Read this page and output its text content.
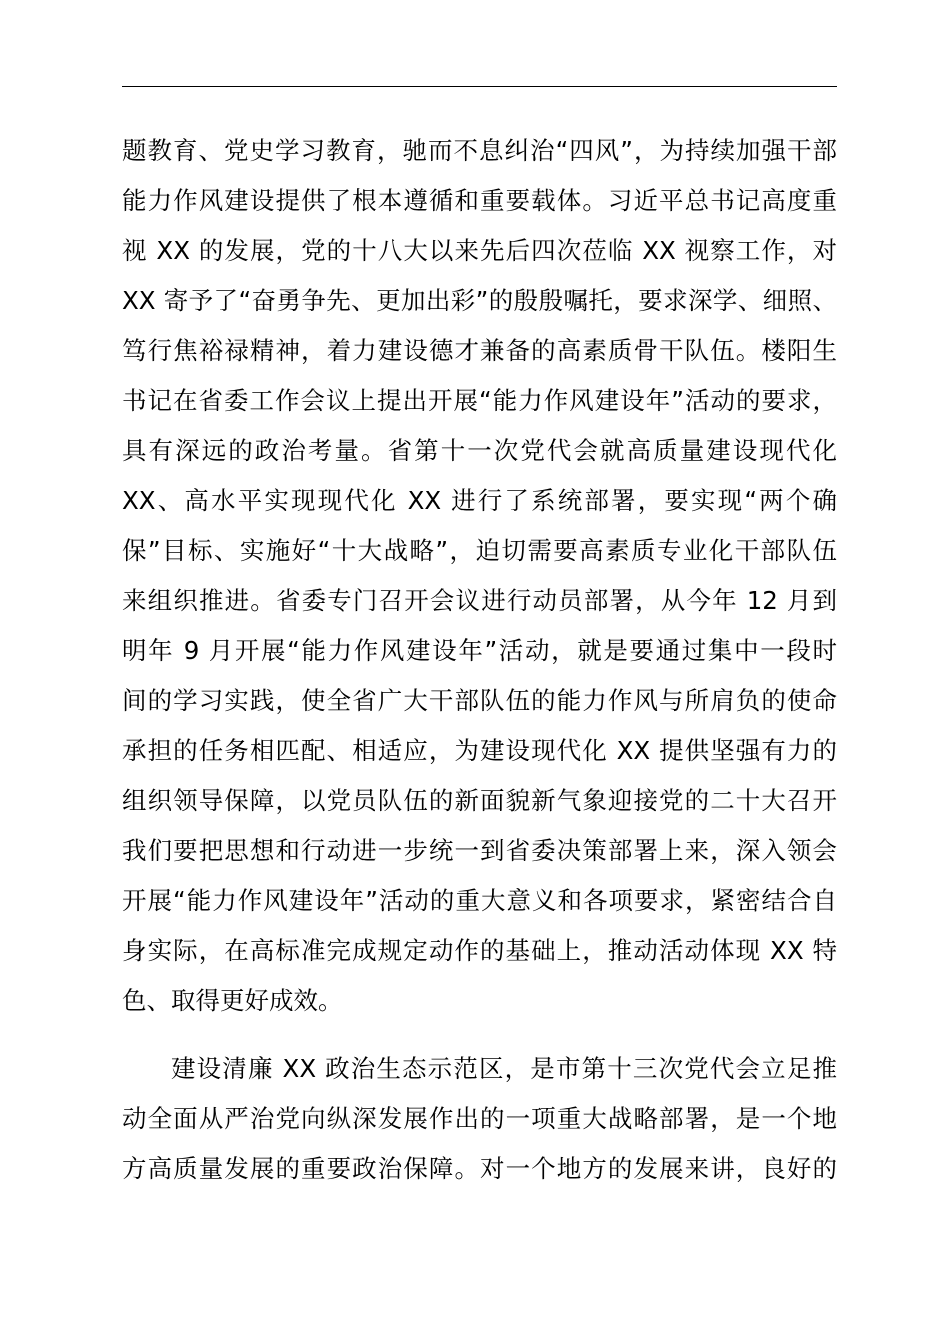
题教育、党史学习教育，驰而不息纠治“四风”，为持续加强干部
能力作风建设提供了根本遵循和重要载体。习近平总书记高度重
视 XX 的发展，党的十八大以来先后四次莅临 XX 视察工作，对
XX 寄予了“奋勇争先、更加出彩”的殷殷嘱托，要求深学、细照、
笃行焦裕禄精神，着力建设德才兼备的高素质骨干队伍。楼阳生
书记在省委工作会议上提出开展“能力作风建设年”活动的要求，
具有深远的政治考量。省第十一次党代会就高质量建设现代化
XX、高水平实现现代化 XX 进行了系统部署，要实现“两个确
保”目标、实施好“十大战略”，迫切需要高素质专业化干部队伍
来组织推进。省委专门召开会议进行动员部署，从今年 12 月到
明年 9 月开展“能力作风建设年”活动，就是要通过集中一段时
间的学习实践，使全省广大干部队伍的能力作风与所肩负的使命
承担的任务相匹配、相适应，为建设现代化 XX 提供坚强有力的
组织领导保障，以党员队伍的新面貌新气象迎接党的二十大召开
我们要把思想和行动进一步统一到省委决策部署上来，深入领会
开展“能力作风建设年”活动的重大意义和各项要求，紧密结合自
身实际，在高标准完成规定动作的基础上，推动活动体现 XX 特
色、取得更好成效。
建设清廉 XX 政治生态示范区，是市第十三次党代会立足推
动全面从严治党向纵深发展作出的一项重大战略部署，是一个地
方高质量发展的重要政治保障。对一个地方的发展来讲，良好的
